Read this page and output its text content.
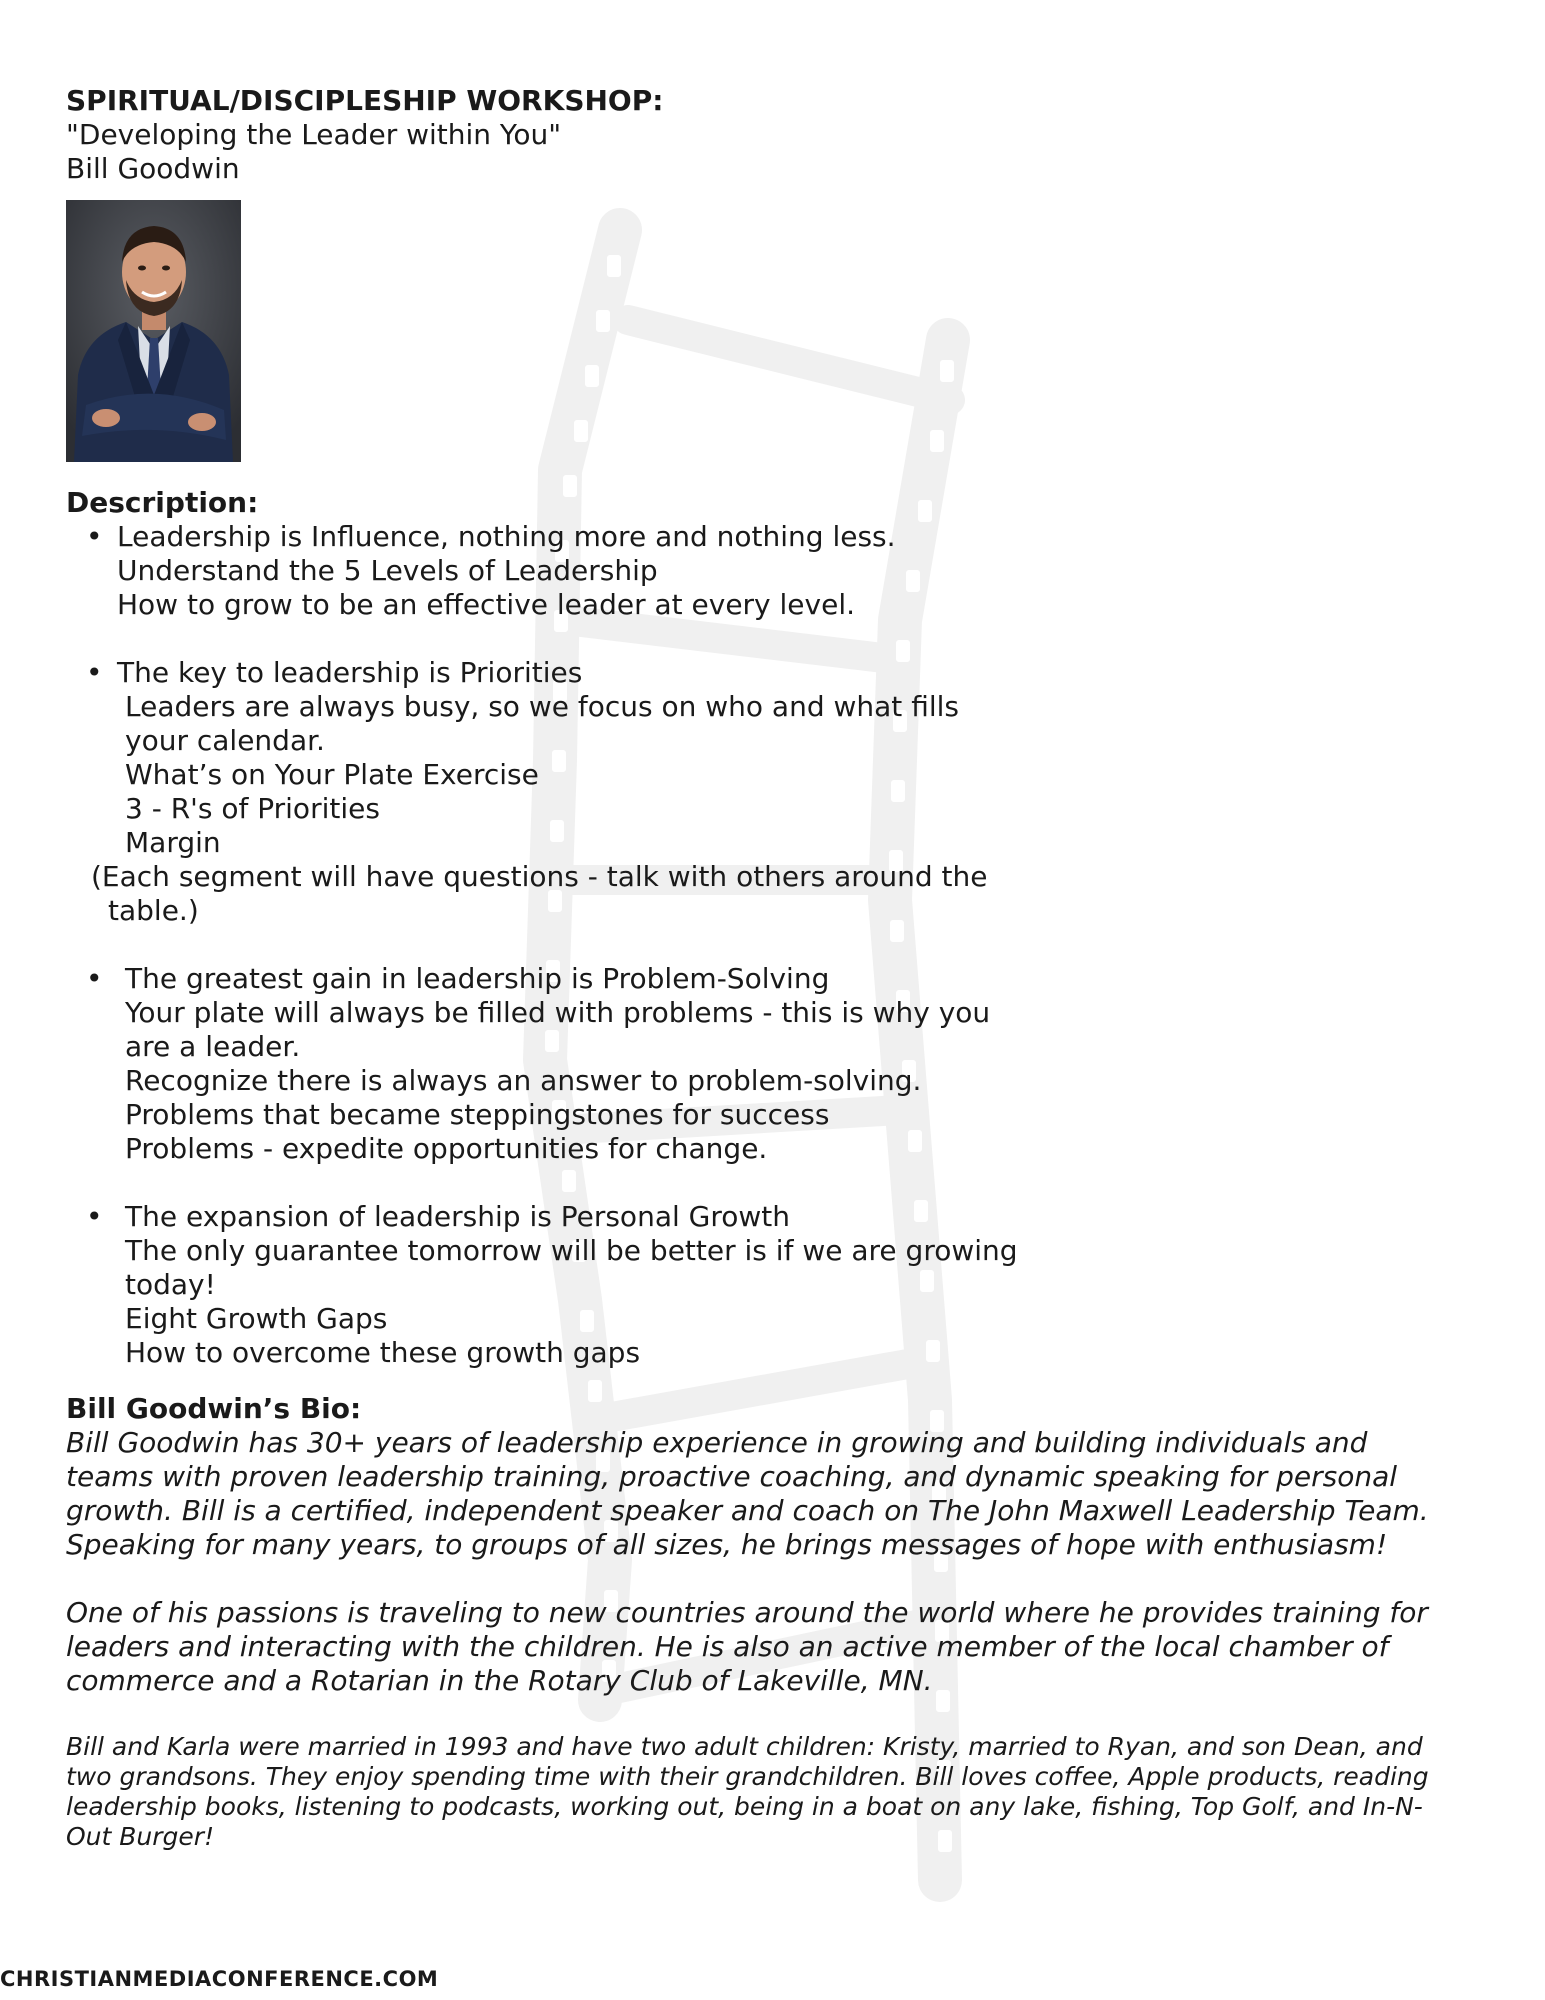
SPIRITUAL/DISCIPLESHIP WORKSHOP:
"Developing the Leader within You"
Bill Goodwin
Description:
• Leadership is Influence, nothing more and nothing less.
Understand the 5 Levels of Leadership
How to grow to be an effective leader at every level.
• The key to leadership is Priorities
Leaders are always busy, so we focus on who and what fills
your calendar.
What’s on Your Plate Exercise
3 - R's of Priorities
Margin
(Each segment will have questions - talk with others around the
table.)
• The greatest gain in leadership is Problem-Solving
Your plate will always be filled with problems - this is why you
are a leader.
Recognize there is always an answer to problem-solving.
Problems that became steppingstones for success
Problems - expedite opportunities for change.
• The expansion of leadership is Personal Growth
The only guarantee tomorrow will be better is if we are growing
today!
Eight Growth Gaps
How to overcome these growth gaps
Bill Goodwin’s Bio:

Bill Goodwin has 30+ years of leadership experience in growing and building individuals and teams with proven leadership training, proactive coaching, and dynamic speaking for personal growth. Bill is a certified, independent speaker and coach on The John Maxwell Leadership Team. Speaking for many years, to groups of all sizes, he brings messages of hope with enthusiasm!

One of his passions is traveling to new countries around the world where he provides training for leaders and interacting with the children. He is also an active member of the local chamber of commerce and a Rotarian in the Rotary Club of Lakeville, MN.

Bill and Karla were married in 1993 and have two adult children: Kristy, married to Ryan, and son Dean, and two grandsons. They enjoy spending time with their grandchildren. Bill loves coffee, Apple products, reading leadership books, listening to podcasts, working out, being in a boat on any lake, fishing, Top Golf, and In-N-Out Burger!

CHRISTIANMEDIACONFERENCE.COM
